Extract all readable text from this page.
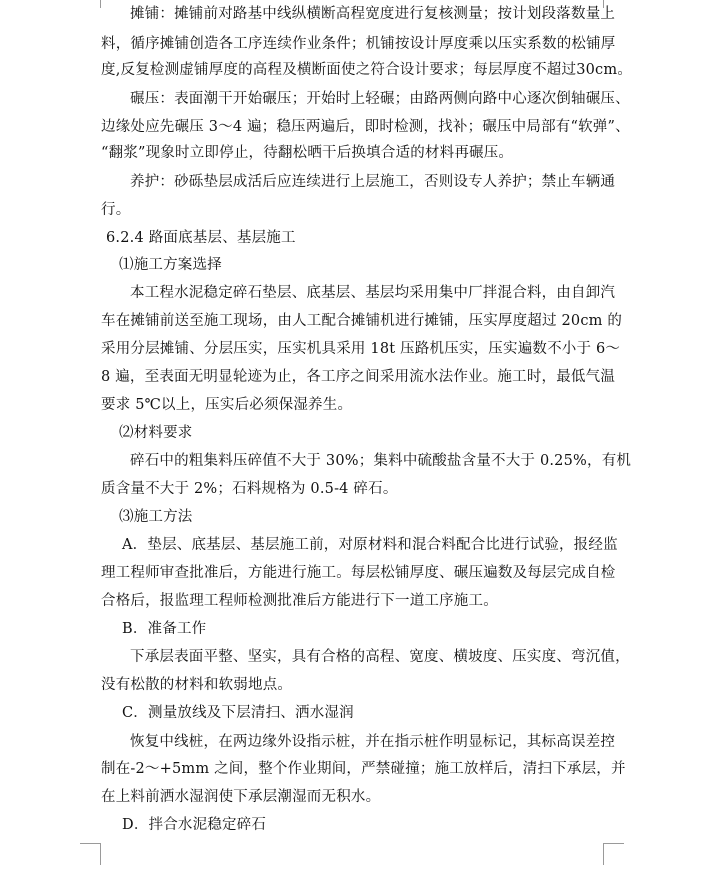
摊铺：摊铺前对路基中线纵横断高程宽度进行复核测量；按计划段落数量上
料，循序摊铺创造各工序连续作业条件；机铺按设计厚度乘以压实系数的松铺厚
度,反复检测虚铺厚度的高程及横断面使之符合设计要求；每层厚度不超过30cm。
碾压：表面潮干开始碾压；开始时上轻碾；由路两侧向路中心逐次倒轴碾压、
边缘处应先碾压 3～4 遍；稳压两遍后，即时检测，找补；碾压中局部有“软弹”、
“翻浆”现象时立即停止，待翻松晒干后换填合适的材料再碾压。
养护：砂砾垫层成活后应连续进行上层施工，否则设专人养护；禁止车辆通
行。
6.2.4 路面底基层、基层施工
⑴施工方案选择
本工程水泥稳定碎石垫层、底基层、基层均采用集中厂拌混合料，由自卸汽
车在摊铺前送至施工现场，由人工配合摊铺机进行摊铺，压实厚度超过 20cm 的
采用分层摊铺、分层压实，压实机具采用 18t 压路机压实，压实遍数不小于 6～
8 遍，至表面无明显轮迹为止，各工序之间采用流水法作业。施工时，最低气温
要求 5℃以上，压实后必须保湿养生。
⑵材料要求
碎石中的粗集料压碎值不大于 30%；集料中硫酸盐含量不大于 0.25%，有机
质含量不大于 2%；石料规格为 0.5-4 碎石。
⑶施工方法
A．垫层、底基层、基层施工前，对原材料和混合料配合比进行试验，报经监
理工程师审查批准后，方能进行施工。每层松铺厚度、碾压遍数及每层完成自检
合格后，报监理工程师检测批准后方能进行下一道工序施工。
B．准备工作
下承层表面平整、坚实，具有合格的高程、宽度、横坡度、压实度、弯沉值，
没有松散的材料和软弱地点。
C．测量放线及下层清扫、洒水湿润
恢复中线桩，在两边缘外设指示桩，并在指示桩作明显标记，其标高误差控
制在-2～+5mm 之间，整个作业期间，严禁碰撞；施工放样后，清扫下承层，并
在上料前洒水湿润使下承层潮湿而无积水。
D．拌合水泥稳定碎石
